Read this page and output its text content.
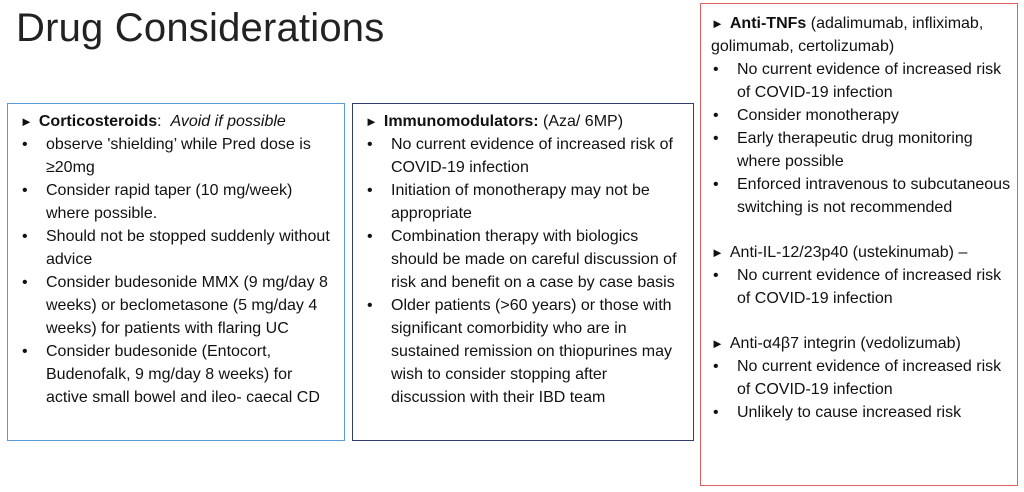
Drug Considerations
► Corticosteroids:  Avoid if possible
• observe 'shielding’ while Pred dose is ≥20mg
• Consider rapid taper (10 mg/week) where possible.
• Should not be stopped suddenly without advice
• Consider budesonide MMX (9 mg/day 8 weeks) or beclometasone (5 mg/day 4 weeks) for patients with flaring UC
• Consider budesonide (Entocort, Budenofalk, 9 mg/day 8 weeks) for active small bowel and ileo- caecal CD
► Immunomodulators: (Aza/ 6MP)
• No current evidence of increased risk of COVID-19 infection
• Initiation of monotherapy may not be appropriate
• Combination therapy with biologics should be made on careful discussion of risk and benefit on a case by case basis
• Older patients (>60 years) or those with significant comorbidity who are in sustained remission on thiopurines may wish to consider stopping after discussion with their IBD team
► Anti-TNFs (adalimumab, infliximab, golimumab, certolizumab)
• No current evidence of increased risk of COVID-19 infection
• Consider monotherapy
• Early therapeutic drug monitoring where possible
• Enforced intravenous to subcutaneous switching is not recommended
► Anti-IL-12/23p40 (ustekinumab) –
• No current evidence of increased risk of COVID-19 infection
► Anti-α4β7 integrin (vedolizumab)
• No current evidence of increased risk of COVID-19 infection
• Unlikely to cause increased risk
